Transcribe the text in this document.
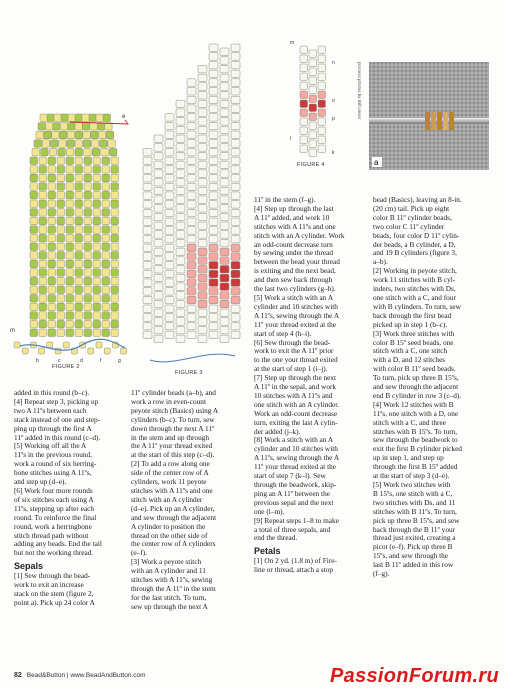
e
m
b	c	d	f	g
FIGURE 2
FIGURE 3
m
n
o
p
l
k
FIGURE 4
process photos by Bill Lieser
a

added in this round (b–c).

[4] Repeat step 3, picking up

two A 11ºs between each

stack instead of one and step-

ping up through the first A

11º added in this round (c–d).

[5] Working off all the A

11ºs in the previous round,

work a round of six herring-

bone stitches using A 11ºs,

and step up (d–e).

[6] Work four more rounds

of six stitches each using A

11ºs, stepping up after each

round. To reinforce the final

round, work a herringbone

stitch thread path without

adding any beads. End the tail

but not the working thread.

Sepals

[1] Sew through the bead-

work to exit an increase

stack on the stem (figure 2,

point a). Pick up 24 color A

11º cylinder beads (a–b), and

work a row in even-count

peyote stitch (Basics) using A

cylinders (b–c). To turn, sew

down through the next A 11º

in the stem and up through

the A 11º your thread exited

at the start of this step (c–d).

[2] To add a row along one

side of the center row of A

cylinders, work 11 peyote

stitches with A 11ºs and one

stitch with an A cylinder

(d–e). Pick up an A cylinder,

and sew through the adjacent

A cylinder to position the

thread on the other side of

the center row of A cylinders

(e–f).

[3] Work a peyote stitch

with an A cylinder and 11

stitches with A 11ºs, sewing

through the A 11º in the stem

for the last stitch. To turn,

sew up through the next A

11º in the stem (f–g).

[4] Step up through the last

A 11º added, and work 10

stitches with A 11ºs and one

stitch with an A cylinder. Work

an odd-count decrease turn

by sewing under the thread

between the bead your thread

is exiting and the next bead,

and then sew back through

the last two cylinders (g–h).

[5] Work a stitch with an A

cylinder and 10 stitches with

A 11ºs, sewing through the A

11º your thread exited at the

start of step 4 (h–i).

[6] Sew through the bead-

work to exit the A 11º prior

to the one your thread exited

at the start of step 1 (i–j).

[7] Step up through the next

A 11º in the sepal, and work

10 stitches with A 11ºs and

one stitch with an A cylinder.

Work an odd-count decrease

turn, exiting the last A cylin-

der added (j–k).

[8] Work a stitch with an A

cylinder and 10 stitches with

A 11ºs, sewing through the A

11º your thread exited at the

start of step 7 (k–l). Sew

through the beadwork, skip-

ping an A 11º between the

previous sepal and the next

one (l–m).

[9] Repeat steps 1–8 to make

a total of three sepals, and

end the thread.

Petals

[1] On 2 yd. (1.8 m) of Fire-

line or thread, attach a stop

bead (Basics), leaving an 8-in.

(20 cm) tail. Pick up eight

color B 11º cylinder beads,

two color C 11º cylinder

beads, four color D 11º cylin-

der beads, a B cylinder, a D,

and 19 B cylinders (figure 3,

a–b).

[2] Working in peyote stitch,

work 11 stitches with B cyl-

inders, two stitches with Ds,

one stitch with a C, and four

with B cylinders. To turn, sew

back through the first bead

picked up in step 1 (b–c).

[3] Work three stitches with

color B 15º seed beads, one

stitch with a C, one stitch

with a D, and 12 stitches

with color B 11º seed beads.

To turn, pick up three B 15ºs,

and sew through the adjacent

end B cylinder in row 3 (c–d).

[4] Work 12 stitches with B

11ºs, one stitch with a D, one

stitch with a C, and three

stitches with B 15ºs. To turn,

sew through the beadwork to

exit the first B cylinder picked

up in step 1, and step up

through the first B 15º added

at the start of step 3 (d–e).

[5] Work two stitches with

B 15ºs, one stitch with a C,

two stitches with Ds, and 11

stitches with B 11ºs. To turn,

pick up three B 15ºs, and sew

back through the B 11º your

thread just exited, creating a

picot (e–f). Pick up three B

15ºs, and sew through the

last B 11º added in this row

(f–g).

82 Bead&Button | www.BeadAndButton.com	PassionForum.ru
